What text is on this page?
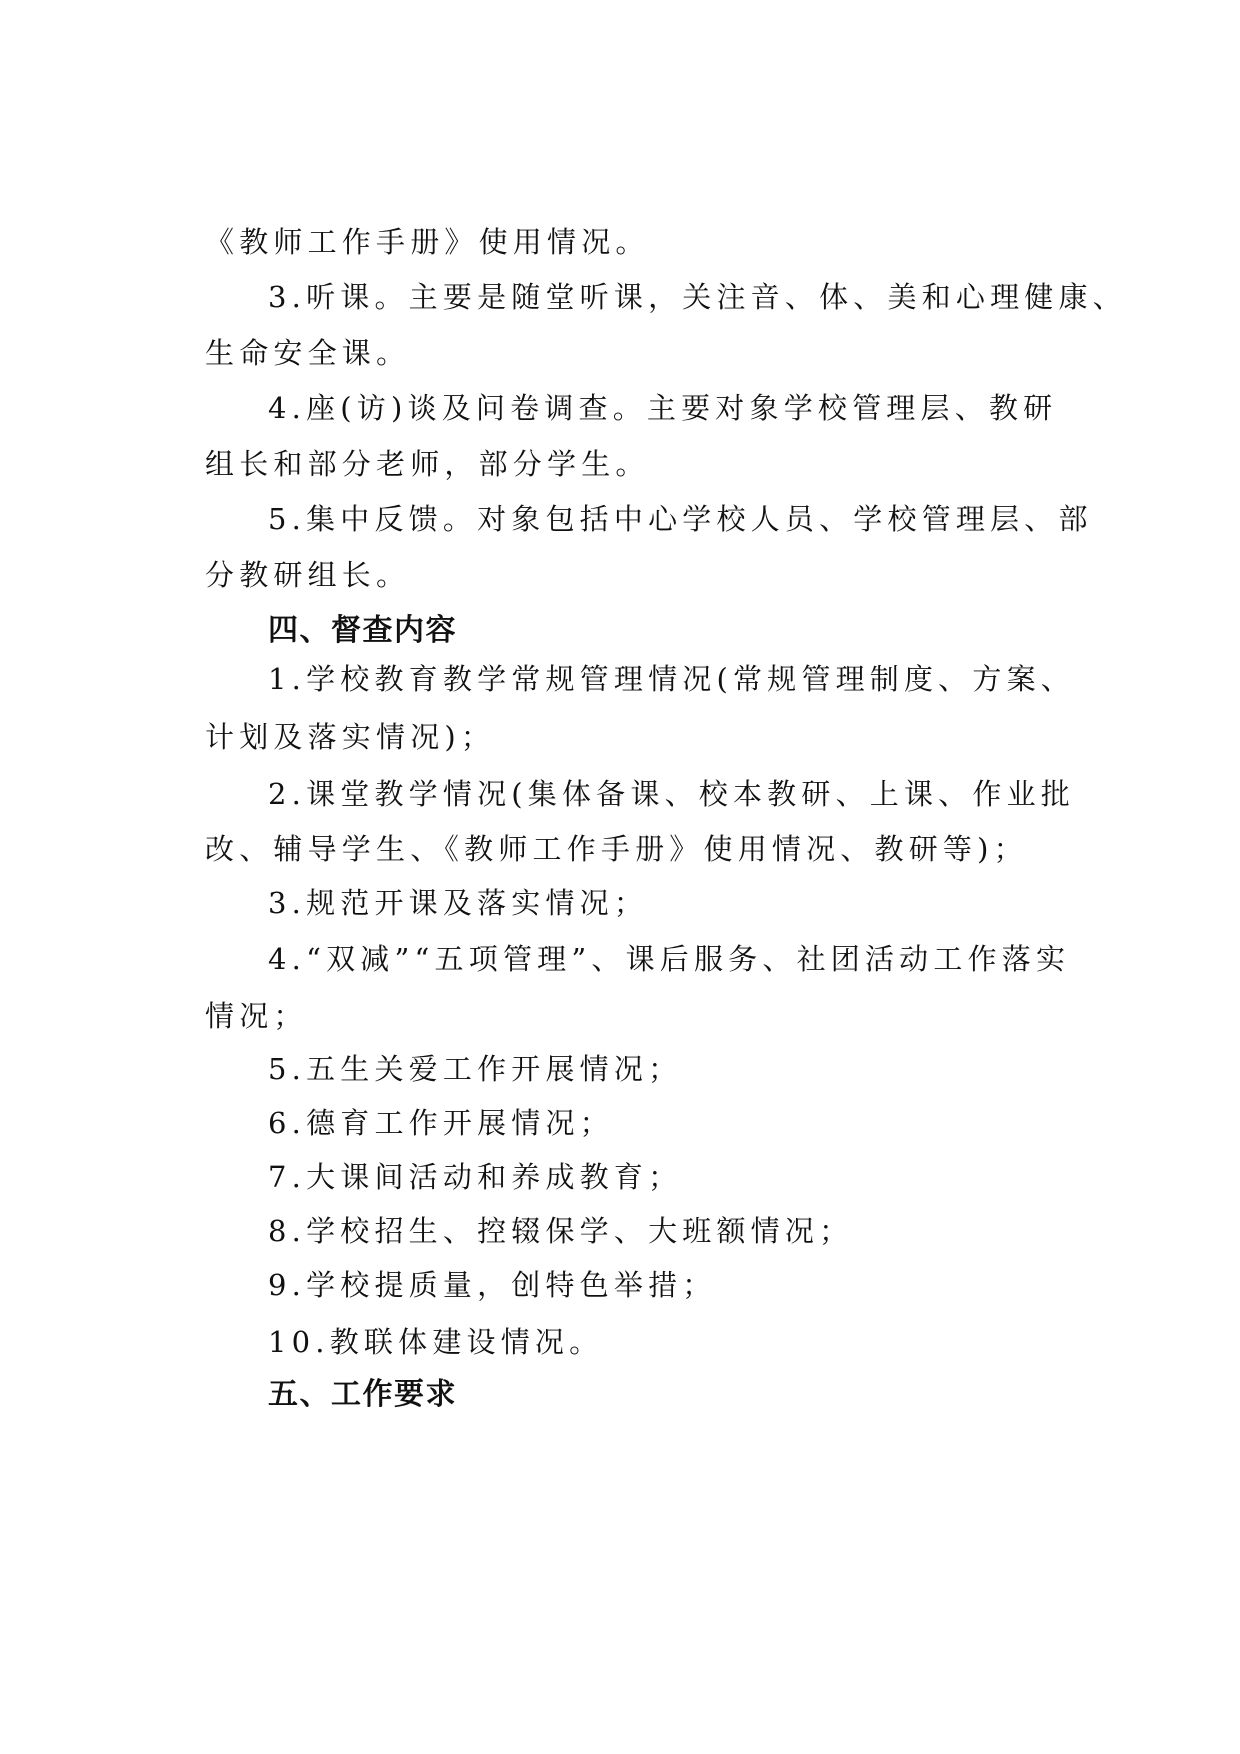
《教师工作手册》使用情况。
3.听课。主要是随堂听课，关注音、体、美和心理健康、
生命安全课。
4.座(访)谈及问卷调查。主要对象学校管理层、教研
组长和部分老师，部分学生。
5.集中反馈。对象包括中心学校人员、学校管理层、部
分教研组长。
四、督查内容
1.学校教育教学常规管理情况(常规管理制度、方案、
计划及落实情况)；
2.课堂教学情况(集体备课、校本教研、上课、作业批
改、辅导学生、《教师工作手册》使用情况、教研等)；
3.规范开课及落实情况；
4.“双减”“五项管理”、课后服务、社团活动工作落实
情况；
5.五生关爱工作开展情况；
6.德育工作开展情况；
7.大课间活动和养成教育；
8.学校招生、控辍保学、大班额情况；
9.学校提质量，创特色举措；
10.教联体建设情况。
五、工作要求
